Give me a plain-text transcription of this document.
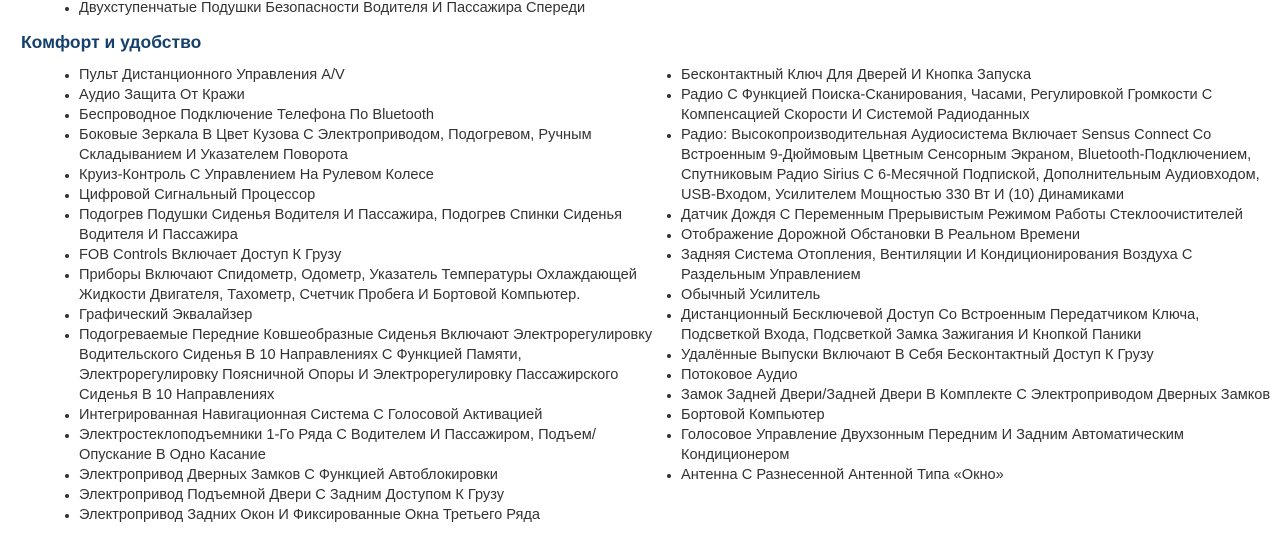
• Двухступенчатые Подушки Безопасности Водителя И Пассажира Спереди
Комфорт и удобство
• Пульт Дистанционного Управления A/V
• Аудио Защита От Кражи
• Беспроводное Подключение Телефона По Bluetooth
• Боковые Зеркала В Цвет Кузова С Электроприводом, Подогревом, Ручным Складыванием И Указателем Поворота
• Круиз-Контроль С Управлением На Рулевом Колесе
• Цифровой Сигнальный Процессор
• Подогрев Подушки Сиденья Водителя И Пассажира, Подогрев Спинки Сиденья Водителя И Пассажира
• FOB Controls Включает Доступ К Грузу
• Приборы Включают Спидометр, Одометр, Указатель Температуры Охлаждающей Жидкости Двигателя, Тахометр, Счетчик Пробега И Бортовой Компьютер.
• Графический Эквалайзер
• Подогреваемые Передние Ковшеобразные Сиденья Включают Электрорегулировку Водительского Сиденья В 10 Направлениях С Функцией Памяти, Электрорегулировку Поясничной Опоры И Электрорегулировку Пассажирского Сиденья В 10 Направлениях
• Интегрированная Навигационная Система С Голосовой Активацией
• Электростеклоподъемники 1-Го Ряда С Водителем И Пассажиром, Подъем/Опускание В Одно Касание
• Электропривод Дверных Замков С Функцией Автоблокировки
• Электропривод Подъемной Двери С Задним Доступом К Грузу
• Электропривод Задних Окон И Фиксированные Окна Третьего Ряда
• Бесконтактный Ключ Для Дверей И Кнопка Запуска
• Радио С Функцией Поиска-Сканирования, Часами, Регулировкой Громкости С Компенсацией Скорости И Системой Радиоданных
• Радио: Высокопроизводительная Аудиосистема Включает Sensus Connect Со Встроенным 9-Дюймовым Цветным Сенсорным Экраном, Bluetooth-Подключением, Спутниковым Радио Sirius С 6-Месячной Подпиской, Дополнительным Аудиовходом, USB-Входом, Усилителем Мощностью 330 Вт И (10) Динамиками
• Датчик Дождя С Переменным Прерывистым Режимом Работы Стеклоочистителей
• Отображение Дорожной Обстановки В Реальном Времени
• Задняя Система Отопления, Вентиляции И Кондиционирования Воздуха С Раздельным Управлением
• Обычный Усилитель
• Дистанционный Бесключевой Доступ Со Встроенным Передатчиком Ключа, Подсветкой Входа, Подсветкой Замка Зажигания И Кнопкой Паники
• Удалённые Выпуски Включают В Себя Бесконтактный Доступ К Грузу
• Потоковое Аудио
• Замок Задней Двери/Задней Двери В Комплекте С Электроприводом Дверных Замков
• Бортовой Компьютер
• Голосовое Управление Двухзонным Передним И Задним Автоматическим Кондиционером
• Антенна С Разнесенной Антенной Типа «Окно»
